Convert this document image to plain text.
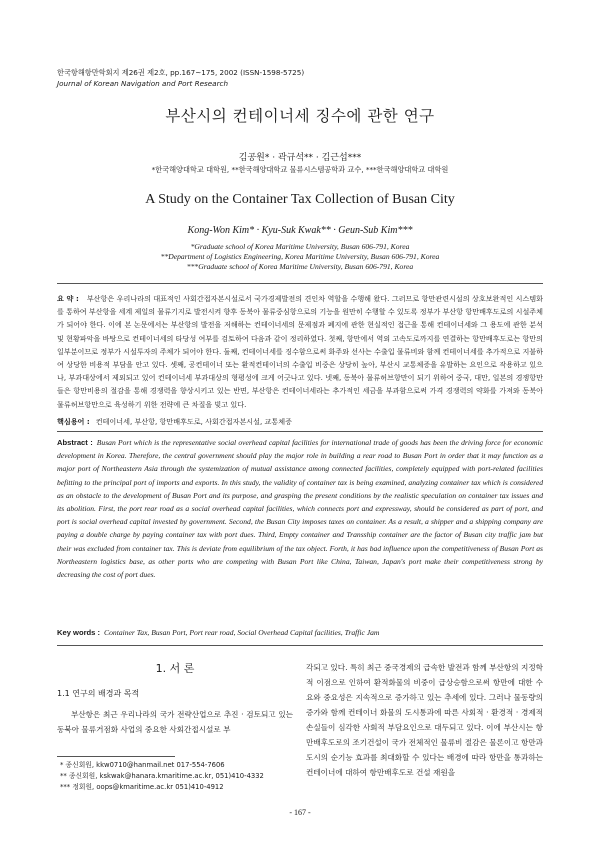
한국항해항만학회지 제26권 제2호, pp.167~175, 2002 (ISSN-1598-5725)
Journal of Korean Navigation and Port Research
부산시의 컨테이너세 징수에 관한 연구
김공원* · 곽규석** · 김근섭***
*한국해양대학교 대학원, **한국해양대학교 물류시스템공학과 교수, ***한국해양대학교 대학원
A Study on the Container Tax Collection of Busan City
Kong-Won Kim* · Kyu-Suk Kwak** · Geun-Sub Kim***
*Graduate school of Korea Maritime University, Busan 606-791, Korea
**Department of Logistics Engineering, Korea Maritime University, Busan 606-791, Korea
***Graduate school of Korea Maritime University, Busan 606-791, Korea
요 약 : 부산항은 우리나라의 대표적인 사회간접자본시설로서 국가경제발전의 견인차 역할을 수행해 왔다. 그러므로 항만관련시설의 상호보완적인 시스템화를 통하여 부산항을 세계 제일의 물류기지로 발전시켜 향후 동북아 물류중심항으로의 기능을 원만히 수행할 수 있도록 정부가 부산항 항만배후도로의 시설주체가 되어야 한다. 이에 본 논문에서는 부산항의 발전을 저해하는 컨테이너세의 문제점과 폐지에 관한 현실적인 접근을 통해 컨테이너세와 그 용도에 관한 분석 및 현황파악을 바탕으로 컨테이너세의 타당성 여부를 검토하여 다음과 같이 정리하였다. 첫째, 항만에서 역외 고속도로까지를 연결하는 항만배후도로는 항만의 일부분이므로 정부가 시설투자의 주체가 되어야 한다. 둘째, 컨테이너세를 징수함으로써 화주와 선사는 수출입 물류비와 함께 컨테이너세를 추가적으로 지불하여 상당한 비용적 부담을 안고 있다. 셋째, 공컨테이너 또는 환적컨테이너의 수출입 비중은 상당히 높아, 부산시 교통체증을 유발하는 요인으로 작용하고 있으나, 부과대상에서 제외되고 있어 컨테이너세 부과대상의 형평성에 크게 어긋나고 있다. 넷째, 동북아 물류허브항만이 되기 위하여 중국, 대만, 일본의 경쟁항만들은 항만비용의 절감을 통해 경쟁력을 향상시키고 있는 반면, 부산항은 컨테이너세라는 추가적인 세금을 부과함으로써 가격 경쟁력의 약화를 가져와 동북아 물류허브항만으로 육성하기 위한 전략에 큰 차질을 빚고 있다.
핵심용어 : 컨테이너세, 부산항, 항만배후도로, 사회간접자본시설, 교통체증
Abstract : Busan Port which is the representative social overhead capital facilities for international trade of goods has been the driving force for economic development in Korea. Therefore, the central government should play the major role in building a rear road to Busan Port in order that it may function as a major port of Northeastern Asia through the systemization of mutual assistance among connected facilities, completely equipped with port-related facilities befitting to the principal port of imports and exports. In this study, the validity of container tax is being examined, analyzing container tax which is considered as an obstacle to the development of Busan Port and its purpose, and grasping the present conditions by the realistic speculation on container tax issues and its abolition. First, the port rear road as a social overhead capital facilities, which connects port and expressway, should be considered as part of port, and port is social overhead capital invested by government. Second, the Busan City imposes taxes on container. As a result, a shipper and a shipping company are paying a double charge by paying container tax with port dues. Third, Empty container and Transship container are the factor of Busan city traffic jam but their was excluded from container tax. This is deviate from equilibrium of the tax object. Forth, it has bad influence upon the competitiveness of Busan Port as Northeastern logistics base, as other ports who are competing with Busan Port like China, Taiwan, Japan's port make their competitiveness strong by decreasing the cost of port dues.
Key words : Container Tax, Busan Port, Port rear road, Social Overhead Capital facilities, Traffic Jam
1. 서 론
1.1 연구의 배경과 목적
부산항은 최근 우리나라의 국가 전략산업으로 추진 · 검토되고 있는 동북아 물류거점화 사업의 중요한 사회간접시설로 부
각되고 있다. 특히 최근 중국경제의 급속한 발전과 함께 부산항의 지정학적 이점으로 인하여 환적화물의 비중이 급상승함으로써 항만에 대한 수요와 중요성은 지속적으로 증가하고 있는 추세에 있다. 그러나 물동량의 증가와 함께 컨테이너 화물의 도시통과에 따른 사회적 · 환경적 · 경제적 손실들이 심각한 사회적 부담요인으로 대두되고 있다. 이에 부산시는 항만배후도로의 조기건설이 국가 전체적인 물류비 절감은 물론이고 항만과 도시의 순기능 효과를 최대화할 수 있다는 배경에 따라 항만을 통과하는 컨테이너에 대하여 항만배후도로 건설 재원을
* 종신회원, kkw0710@hanmail.net 017-554-7606
** 종신회원, kskwak@hanara.kmaritime.ac.kr, 051)410-4332
*** 정회원, oops@kmaritime.ac.kr 051)410-4912
- 167 -
